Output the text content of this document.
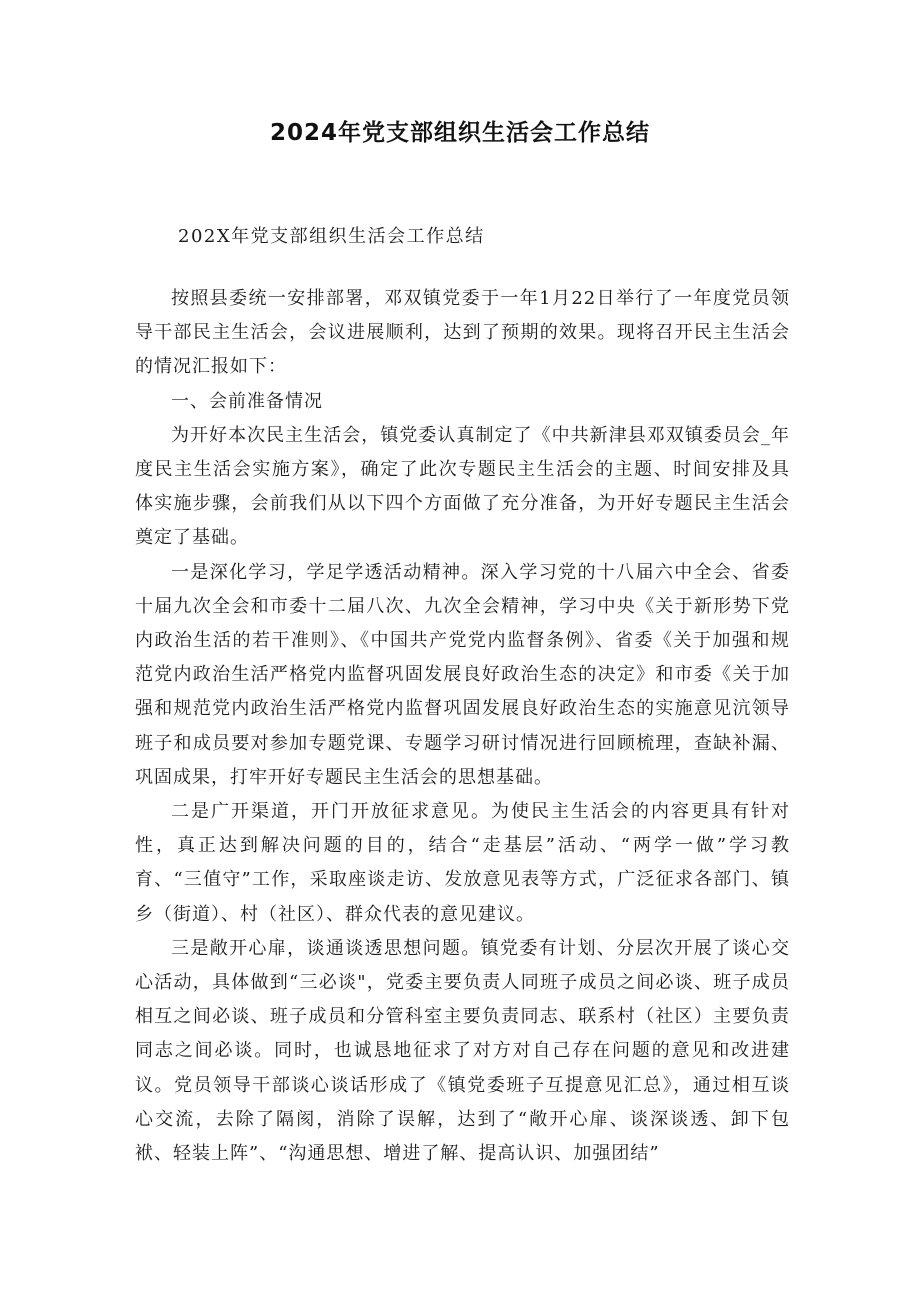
2024年党支部组织生活会工作总结
202X年党支部组织生活会工作总结

按照县委统一安排部署，邓双镇党委于一年1月22日举行了一年度党员领导干部民主生活会，会议进展顺利，达到了预期的效果。现将召开民主生活会的情况汇报如下：

一、会前准备情况

为开好本次民主生活会，镇党委认真制定了《中共新津县邓双镇委员会_年度民主生活会实施方案》，确定了此次专题民主生活会的主题、时间安排及具体实施步骤，会前我们从以下四个方面做了充分准备，为开好专题民主生活会奠定了基础。

一是深化学习，学足学透活动精神。深入学习党的十八届六中全会、省委十届九次全会和市委十二届八次、九次全会精神，学习中央《关于新形势下党内政治生活的若干准则》、《中国共产党党内监督条例》、省委《关于加强和规范党内政治生活严格党内监督巩固发展良好政治生态的决定》和市委《关于加强和规范党内政治生活严格党内监督巩固发展良好政治生态的实施意见沆领导班子和成员要对参加专题党课、专题学习研讨情况进行回顾梳理，查缺补漏、巩固成果，打牢开好专题民主生活会的思想基础。

二是广开渠道，开门开放征求意见。为使民主生活会的内容更具有针对性，真正达到解决问题的目的，结合“走基层”活动、“两学一做”学习教育、“三值守”工作，采取座谈走访、发放意见表等方式，广泛征求各部门、镇乡（街道）、村（社区）、群众代表的意见建议。

三是敞开心扉，谈通谈透思想问题。镇党委有计划、分层次开展了谈心交心活动，具体做到“三必谈"，党委主要负责人同班子成员之间必谈、班子成员相互之间必谈、班子成员和分管科室主要负责同志、联系村（社区）主要负责同志之间必谈。同时，也诚恳地征求了对方对自己存在问题的意见和改进建议。党员领导干部谈心谈话形成了《镇党委班子互提意见汇总》，通过相互谈心交流，去除了隔阂，消除了误解，达到了“敞开心扉、谈深谈透、卸下包袱、轻装上阵”、“沟通思想、增进了解、提高认识、加强团结”
